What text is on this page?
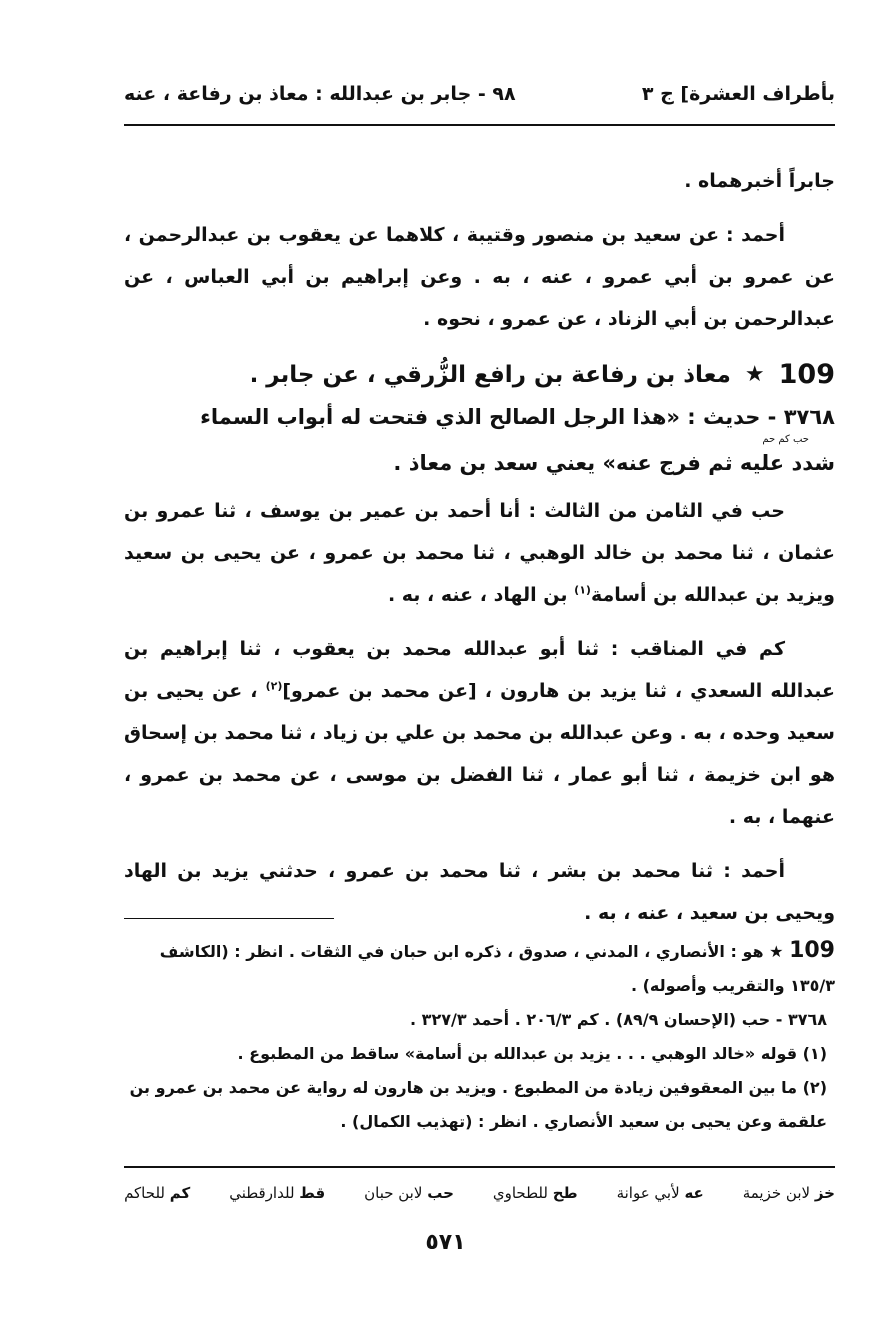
بأطراف العشرة] ج ٣
٩٨ - جابر بن عبدالله : معاذ بن رفاعة ، عنه

جابراً أخبرهماه .

أحمد : عن سعيد بن منصور وقتيبة ، كلاهما عن يعقوب بن عبدالرحمن ، عن عمرو بن أبي عمرو ، عنه ، به . وعن إبراهيم بن أبي العباس ، عن عبدالرحمن بن أبي الزناد ، عن عمرو ، نحوه .

109
★
معاذ بن رفاعة بن رافع الزُّرقي ، عن جابر .
٣٧٦٨ - حديث : «هذا الرجل الصالح الذي فتحت له أبواب السماء
حب كم حم
شدد عليه ثم فرج عنه» يعني سعد بن معاذ .

حب في الثامن من الثالث : أنا أحمد بن عمير بن يوسف ، ثنا عمرو بن عثمان ، ثنا محمد بن خالد الوهبي ، ثنا محمد بن عمرو ، عن يحيى بن سعيد ويزيد بن عبدالله بن أسامة$^{(١)}$ بن الهاد ، عنه ، به .

كم في المناقب : ثنا أبو عبدالله محمد بن يعقوب ، ثنا إبراهيم بن عبدالله السعدي ، ثنا يزيد بن هارون ، [عن محمد بن عمرو]$^{(٢)}$ ، عن يحيى بن سعيد وحده ، به . وعن عبدالله بن محمد بن علي بن زياد ، ثنا محمد بن إسحاق هو ابن خزيمة ، ثنا أبو عمار ، ثنا الفضل بن موسى ، عن محمد بن عمرو ، عنهما ، به .

أحمد : ثنا محمد بن بشر ، ثنا محمد بن عمرو ، حدثني يزيد بن الهاد ويحيى بن سعيد ، عنه ، به .

109 ★ هو : الأنصاري ، المدني ، صدوق ، ذكره ابن حبان في الثقات . انظر : (الكاشف ١٣٥/٣ والتقريب وأصوله) .

٣٧٦٨ - حب (الإحسان ٨٩/٩) . كم ٢٠٦/٣ . أحمد ٣٢٧/٣ .

(١) قوله «خالد الوهبي . . . يزيد بن عبدالله بن أسامة» ساقط من المطبوع .

(٢) ما بين المعقوفين زيادة من المطبوع . ويزيد بن هارون له رواية عن محمد بن عمرو بن علقمة وعن يحيى بن سعيد الأنصاري . انظر : (تهذيب الكمال) .

خز لابن خزيمة
عه لأبي عوانة
طح للطحاوي
حب لابن حبان
قط للدارقطني
كم للحاكم
٥٧١
